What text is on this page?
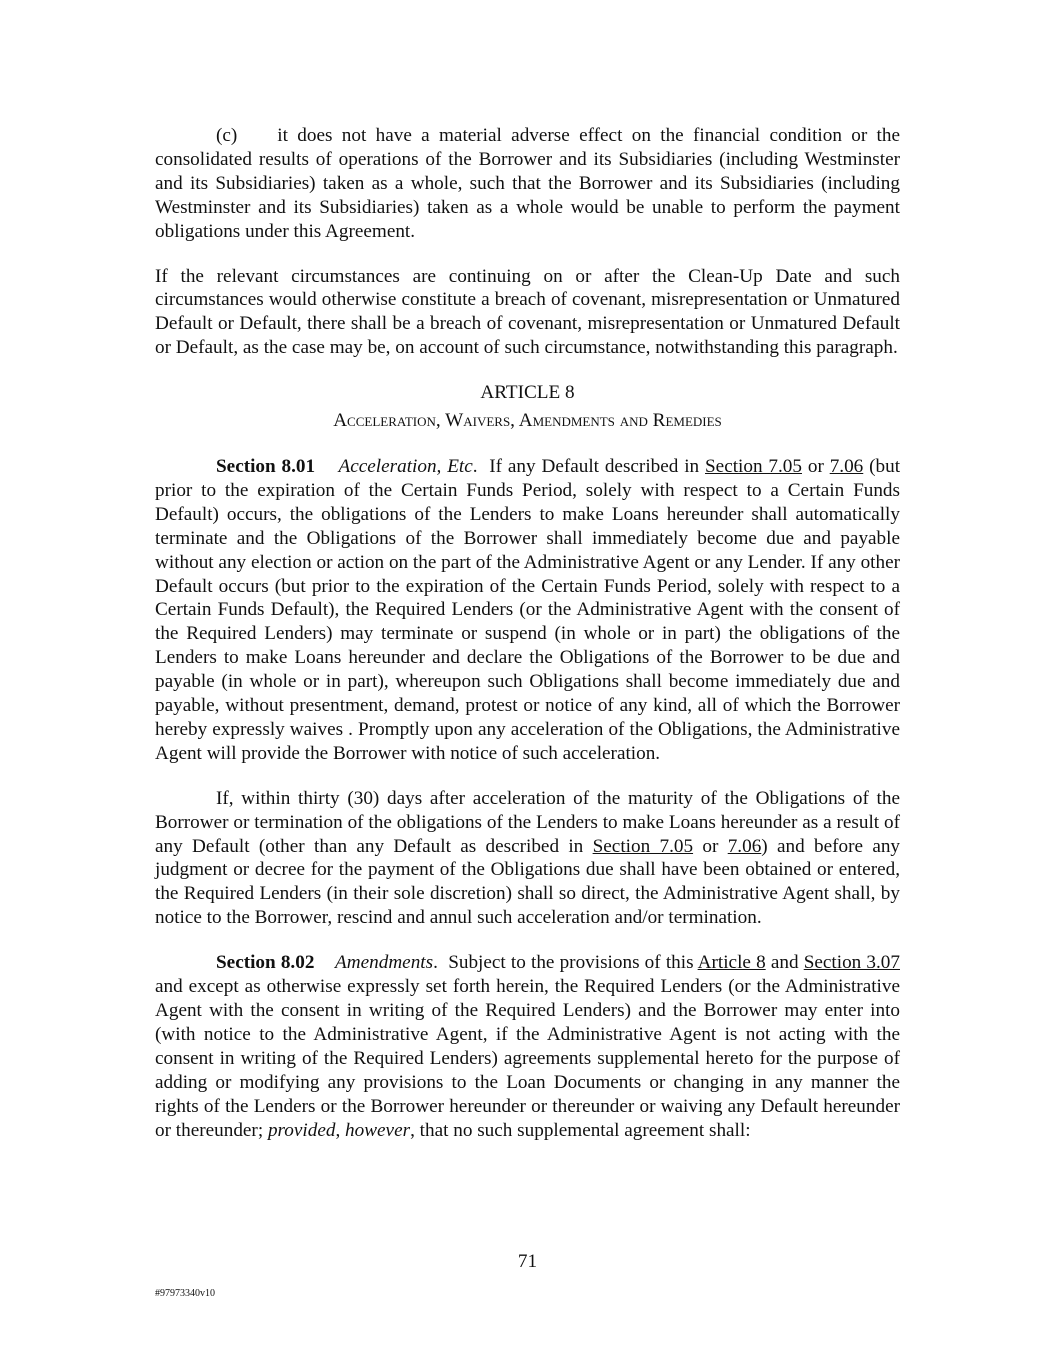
(c) it does not have a material adverse effect on the financial condition or the consolidated results of operations of the Borrower and its Subsidiaries (including Westminster and its Subsidiaries) taken as a whole, such that the Borrower and its Subsidiaries (including Westminster and its Subsidiaries) taken as a whole would be unable to perform the payment obligations under this Agreement.

If the relevant circumstances are continuing on or after the Clean-Up Date and such circumstances would otherwise constitute a breach of covenant, misrepresentation or Unmatured Default or Default, there shall be a breach of covenant, misrepresentation or Unmatured Default or Default, as the case may be, on account of such circumstance, notwithstanding this paragraph.

ARTICLE 8
Acceleration, Waivers, Amendments and Remedies

Section 8.01 Acceleration, Etc.  If any Default described in Section 7.05 or 7.06 (but prior to the expiration of the Certain Funds Period, solely with respect to a Certain Funds Default) occurs, the obligations of the Lenders to make Loans hereunder shall automatically terminate and the Obligations of the Borrower shall immediately become due and payable without any election or action on the part of the Administrative Agent or any Lender. If any other Default occurs (but prior to the expiration of the Certain Funds Period, solely with respect to a Certain Funds Default), the Required Lenders (or the Administrative Agent with the consent of the Required Lenders) may terminate or suspend (in whole or in part) the obligations of the Lenders to make Loans hereunder and declare the Obligations of the Borrower to be due and payable (in whole or in part), whereupon such Obligations shall become immediately due and payable, without presentment, demand, protest or notice of any kind, all of which the Borrower hereby expressly waives . Promptly upon any acceleration of the Obligations, the Administrative Agent will provide the Borrower with notice of such acceleration.

If, within thirty (30) days after acceleration of the maturity of the Obligations of the Borrower or termination of the obligations of the Lenders to make Loans hereunder as a result of any Default (other than any Default as described in Section 7.05 or 7.06) and before any judgment or decree for the payment of the Obligations due shall have been obtained or entered, the Required Lenders (in their sole discretion) shall so direct, the Administrative Agent shall, by notice to the Borrower, rescind and annul such acceleration and/or termination.

Section 8.02 Amendments.  Subject to the provisions of this Article 8 and Section 3.07 and except as otherwise expressly set forth herein, the Required Lenders (or the Administrative Agent with the consent in writing of the Required Lenders) and the Borrower may enter into (with notice to the Administrative Agent, if the Administrative Agent is not acting with the consent in writing of the Required Lenders) agreements supplemental hereto for the purpose of adding or modifying any provisions to the Loan Documents or changing in any manner the rights of the Lenders or the Borrower hereunder or thereunder or waiving any Default hereunder or thereunder; provided, however, that no such supplemental agreement shall:

71
#97973340v10
